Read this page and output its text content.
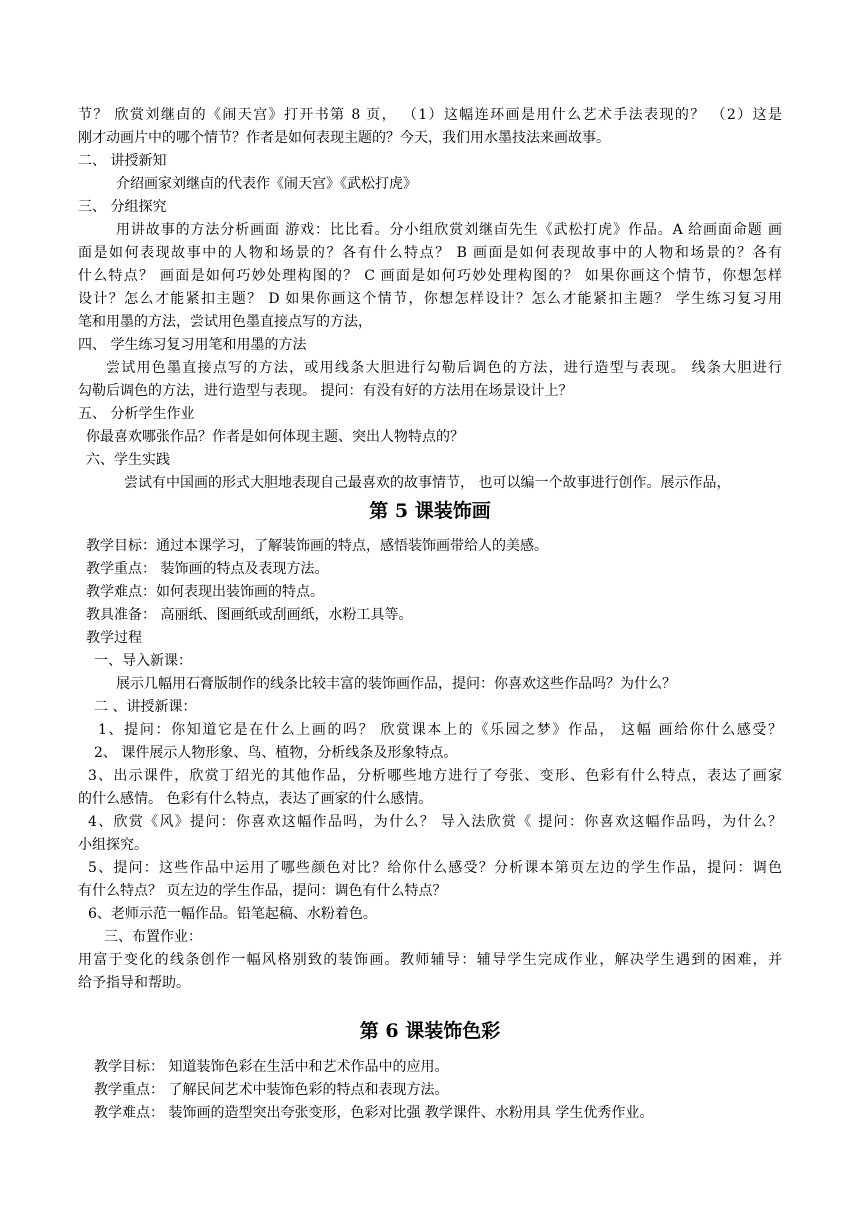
节？ 欣赏刘继卣的《闹天宫》打开书第 8 页， （1）这幅连环画是用什么艺术手法表现的？ （2）这是
刚才动画片中的哪个情节？作者是如何表现主题的？今天，我们用水墨技法来画故事。
二、 讲授新知
介绍画家刘继卣的代表作《闹天宫》《武松打虎》
三、 分组探究
用讲故事的方法分析画面 游戏：比比看。分小组欣赏刘继卣先生《武松打虎》作品。A 给画面命题 画
面是如何表现故事中的人物和场景的？各有什么特点？ B 画面是如何表现故事中的人物和场景的？各有
什么特点？ 画面是如何巧妙处理构图的？ C 画面是如何巧妙处理构图的？ 如果你画这个情节，你想怎样
设计？怎么才能紧扣主题？ D 如果你画这个情节，你想怎样设计？怎么才能紧扣主题？ 学生练习复习用
笔和用墨的方法，尝试用色墨直接点写的方法，
四、 学生练习复习用笔和用墨的方法
尝试用色墨直接点写的方法，或用线条大胆进行勾勒后调色的方法，进行造型与表现。 线条大胆进行
勾勒后调色的方法，进行造型与表现。 提问：有没有好的方法用在场景设计上？
五、 分析学生作业
你最喜欢哪张作品？作者是如何体现主题、突出人物特点的？
六、学生实践
尝试有中国画的形式大胆地表现自己最喜欢的故事情节， 也可以编一个故事进行创作。展示作品，
第 5 课装饰画
教学目标：通过本课学习，了解装饰画的特点，感悟装饰画带给人的美感。
教学重点： 装饰画的特点及表现方法。
教学难点：如何表现出装饰画的特点。
教具准备： 高丽纸、图画纸或刮画纸，水粉工具等。
教学过程
一、导入新课：
展示几幅用石膏版制作的线条比较丰富的装饰画作品，提问：你喜欢这些作品吗？为什么？
二 、讲授新课：
1、提问：你知道它是在什么上画的吗？ 欣赏课本上的《乐园之梦》作品， 这幅 画给你什么感受？
2、 课件展示人物形象、鸟、植物，分析线条及形象特点。
3、出示课件，欣赏丁绍光的其他作品，分析哪些地方进行了夸张、变形、色彩有什么特点，表达了画家
的什么感情。 色彩有什么特点，表达了画家的什么感情。
4、欣赏《风》提问：你喜欢这幅作品吗，为什么？ 导入法欣赏《 提问：你喜欢这幅作品吗，为什么？
小组探究。
5、提问：这些作品中运用了哪些颜色对比？给你什么感受？分析课本第页左边的学生作品，提问：调色
有什么特点？ 页左边的学生作品，提问：调色有什么特点？
6、老师示范一幅作品。铅笔起稿、水粉着色。
三、布置作业：
用富于变化的线条创作一幅风格别致的装饰画。教师辅导：辅导学生完成作业，解决学生遇到的困难，并
给予指导和帮助。
第 6 课装饰色彩
教学目标： 知道装饰色彩在生活中和艺术作品中的应用。
教学重点： 了解民间艺术中装饰色彩的特点和表现方法。
教学难点： 装饰画的造型突出夸张变形，色彩对比强 教学课件、水粉用具 学生优秀作业。
